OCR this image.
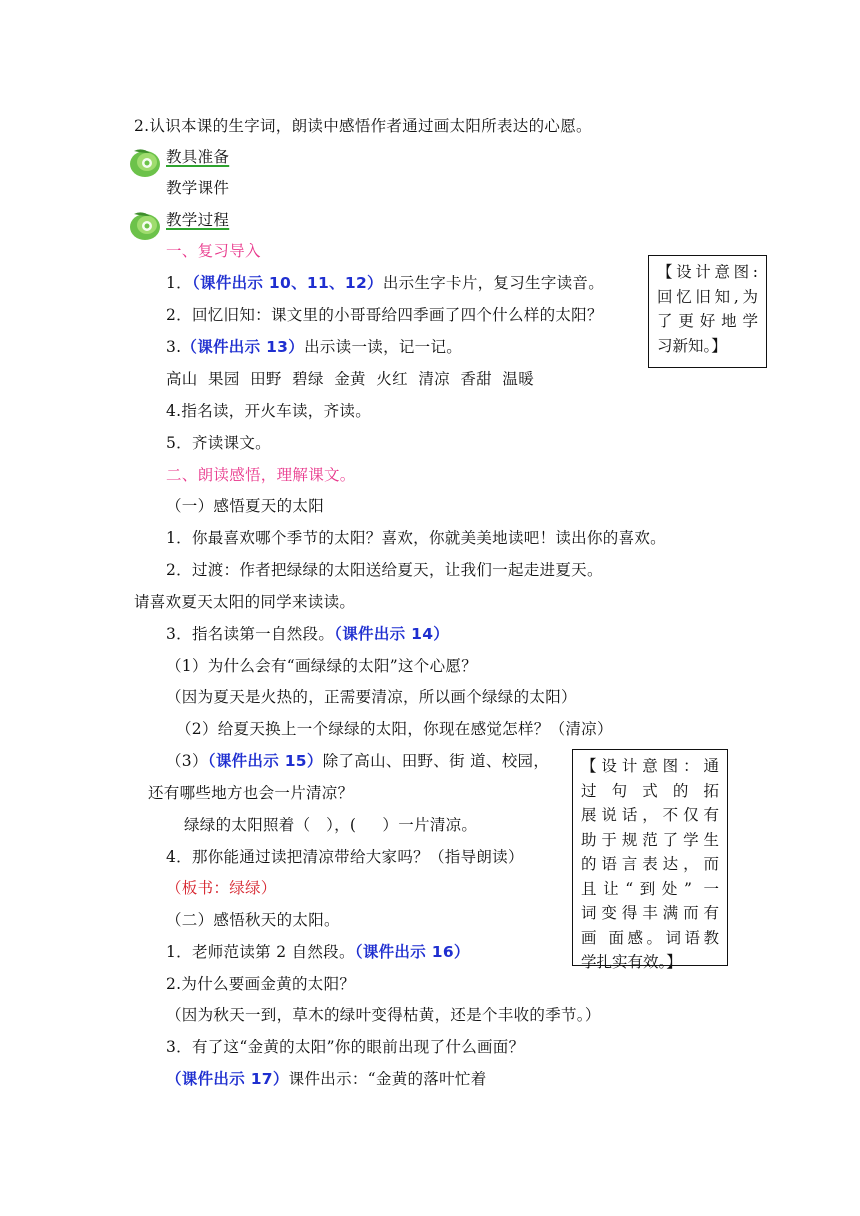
2.认识本课的生字词，朗读中感悟作者通过画太阳所表达的心愿。
教具准备
教学课件
教学过程
一、复习导入
1．（课件出示 10、11、12）出示生字卡片，复习生字读音。
2．回忆旧知：课文里的小哥哥给四季画了四个什么样的太阳？
3.（课件出示 13）出示读一读，记一记。
高山  果园  田野  碧绿  金黄  火红  清凉  香甜  温暖
4.指名读，开火车读，齐读。
5．齐读课文。
二、朗读感悟，理解课文。
（一）感悟夏天的太阳
1．你最喜欢哪个季节的太阳？喜欢，你就美美地读吧！读出你的喜欢。
2．过渡：作者把绿绿的太阳送给夏天，让我们一起走进夏天。
请喜欢夏天太阳的同学来读读。
3．指名读第一自然段。（课件出示 14）
（1）为什么会有“画绿绿的太阳”这个心愿？
（因为夏天是火热的，正需要清凉，所以画个绿绿的太阳）
（2）给夏天换上一个绿绿的太阳，你现在感觉怎样？（清凉）
（3）（课件出示 15）除了高山、田野、街 道、校园，
还有哪些地方也会一片清凉？
绿绿的太阳照着（   ），(     ）一片清凉。
4．那你能通过读把清凉带给大家吗？（指导朗读）
（板书：绿绿）
（二）感悟秋天的太阳。
1．老师范读第 2 自然段。（课件出示 16）
2.为什么要画金黄的太阳？
（因为秋天一到，草木的绿叶变得枯黄，还是个丰收的季节。）
3．有了这“金黄的太阳”你的眼前出现了什么画面？
（课件出示 17）课件出示：“金黄的落叶忙着
【设计意图:
回忆旧知,为
了更好地学
习新知。】
【设计意图：通
过句式的拓
展说话，不仅有
助于规范了学生
的语言表达，而
且让“到处” 一
词变得丰满而有
画 面感。词语教
学扎实有效。】
